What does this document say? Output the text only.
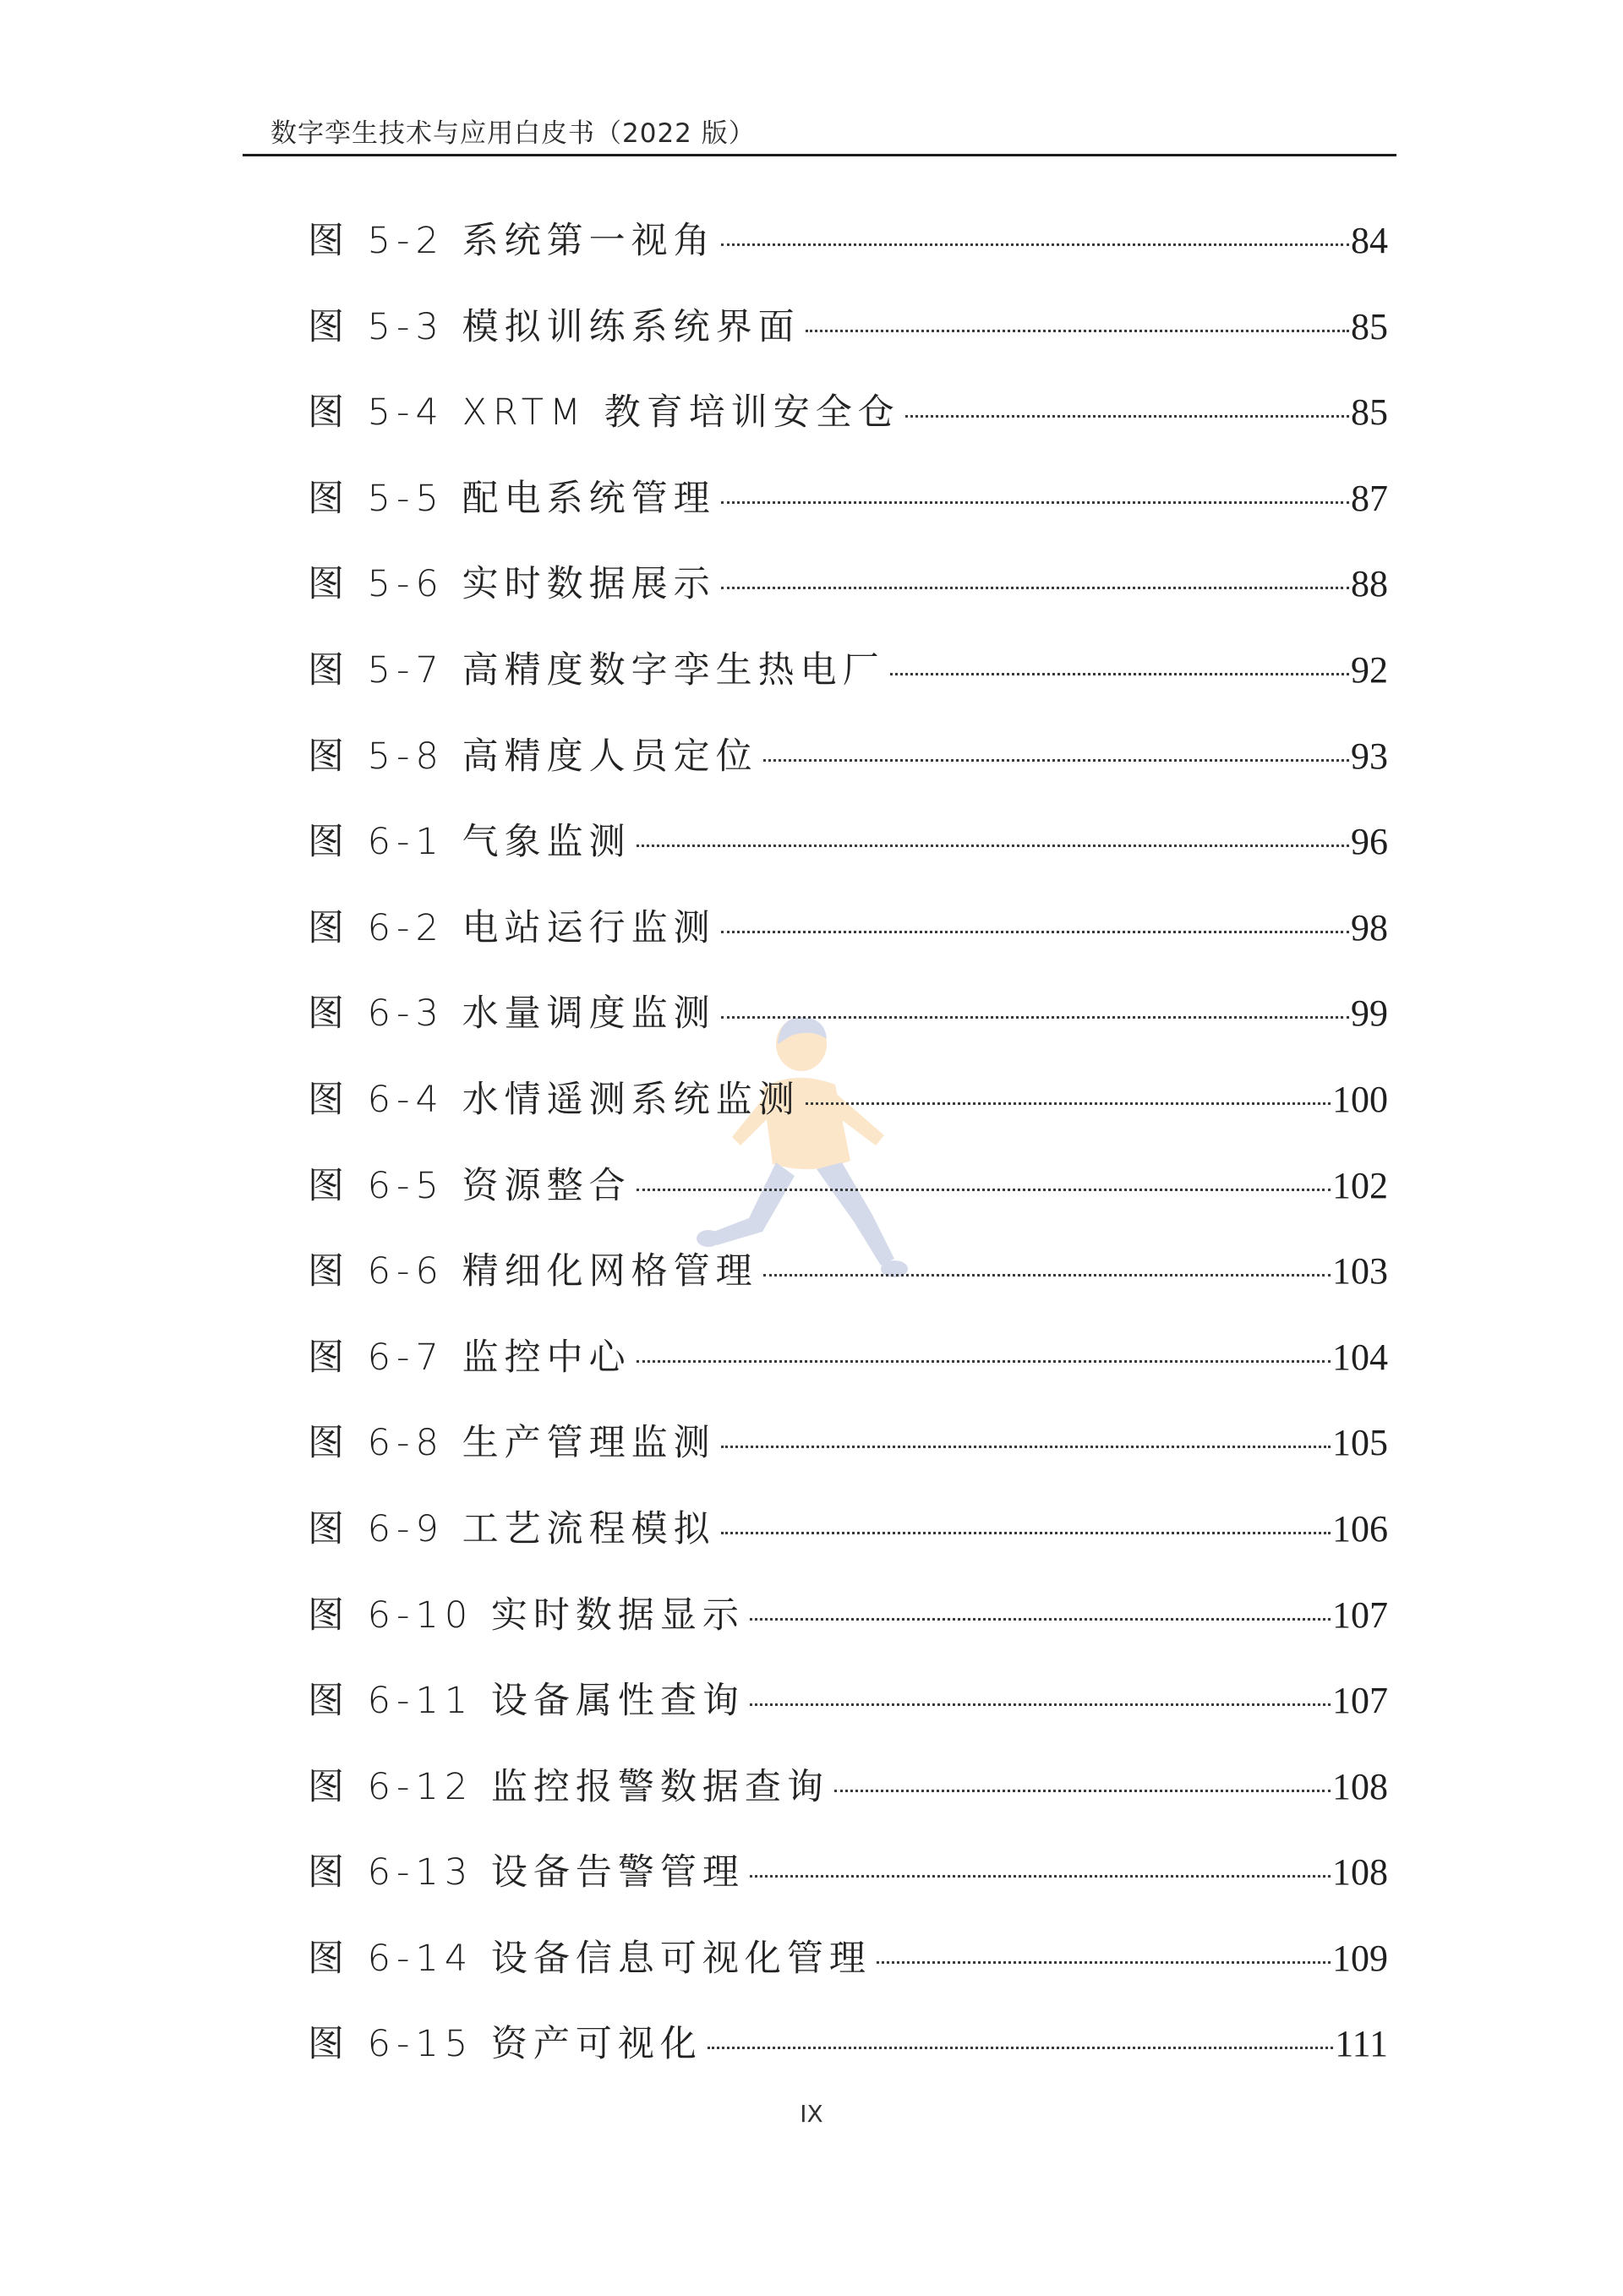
数字孪生技术与应用白皮书（2022 版）
图 5-2 系统第一视角	84
图 5-3 模拟训练系统界面	85
图 5-4 XRTM 教育培训安全仓	85
图 5-5 配电系统管理	87
图 5-6 实时数据展示	88
图 5-7 高精度数字孪生热电厂	92
图 5-8 高精度人员定位	93
图 6-1 气象监测	96
图 6-2 电站运行监测	98
图 6-3 水量调度监测	99
图 6-4 水情遥测系统监测	100
图 6-5 资源整合	102
图 6-6 精细化网格管理	103
图 6-7 监控中心	104
图 6-8 生产管理监测	105
图 6-9 工艺流程模拟	106
图 6-10 实时数据显示	107
图 6-11 设备属性查询	107
图 6-12 监控报警数据查询	108
图 6-13 设备告警管理	108
图 6-14 设备信息可视化管理	109
图 6-15 资产可视化	111
IX
